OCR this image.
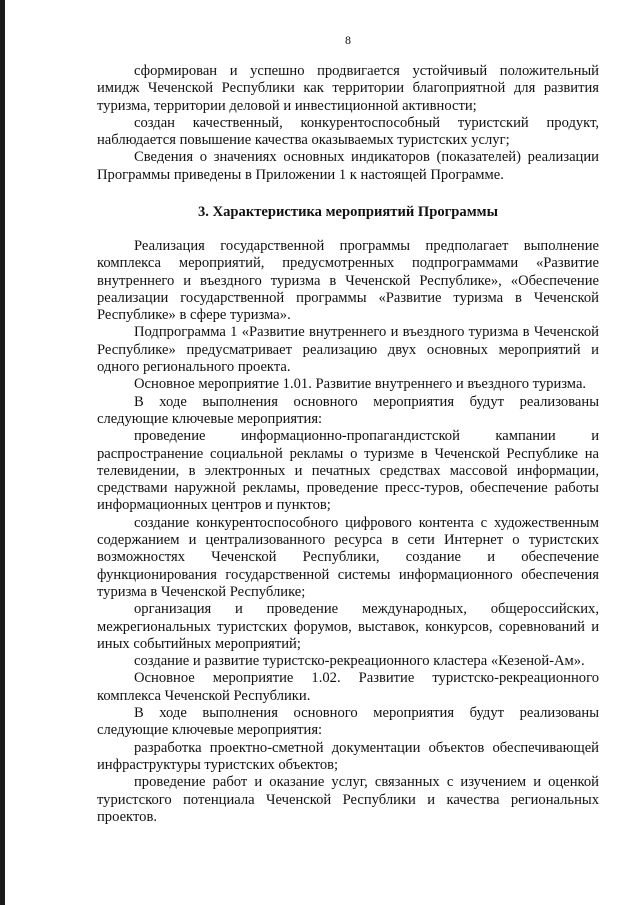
8

сформирован и успешно продвигается устойчивый положительный имидж Чеченской Республики как территории благоприятной для развития туризма, территории деловой и инвестиционной активности;

создан качественный, конкурентоспособный туристский продукт, наблюдается повышение качества оказываемых туристских услуг;

Сведения о значениях основных индикаторов (показателей) реализации Программы приведены в Приложении 1 к настоящей Программе.

3. Характеристика мероприятий Программы

Реализация государственной программы предполагает выполнение комплекса мероприятий, предусмотренных подпрограммами «Развитие внутреннего и въездного туризма в Чеченской Республике», «Обеспечение реализации государственной программы «Развитие туризма в Чеченской Республике» в сфере туризма».

Подпрограмма 1 «Развитие внутреннего и въездного туризма в Чеченской Республике» предусматривает реализацию двух основных мероприятий и одного регионального проекта.

Основное мероприятие 1.01. Развитие внутреннего и въездного туризма.

В ходе выполнения основного мероприятия будут реализованы следующие ключевые мероприятия:

проведение информационно-пропагандистской кампании и распространение социальной рекламы о туризме в Чеченской Республике на телевидении, в электронных и печатных средствах массовой информации, средствами наружной рекламы, проведение пресс-туров, обеспечение работы информационных центров и пунктов;

создание конкурентоспособного цифрового контента с художественным содержанием и централизованного ресурса в сети Интернет о туристских возможностях Чеченской Республики, создание и обеспечение функционирования государственной системы информационного обеспечения туризма в Чеченской Республике;

организация и проведение международных, общероссийских, межрегиональных туристских форумов, выставок, конкурсов, соревнований и иных событийных мероприятий;

создание и развитие туристско-рекреационного кластера «Кезеной-Ам».

Основное мероприятие 1.02. Развитие туристско-рекреационного комплекса Чеченской Республики.

В ходе выполнения основного мероприятия будут реализованы следующие ключевые мероприятия:

разработка проектно-сметной документации объектов обеспечивающей инфраструктуры туристских объектов;

проведение работ и оказание услуг, связанных с изучением и оценкой туристского потенциала Чеченской Республики и качества региональных проектов.
